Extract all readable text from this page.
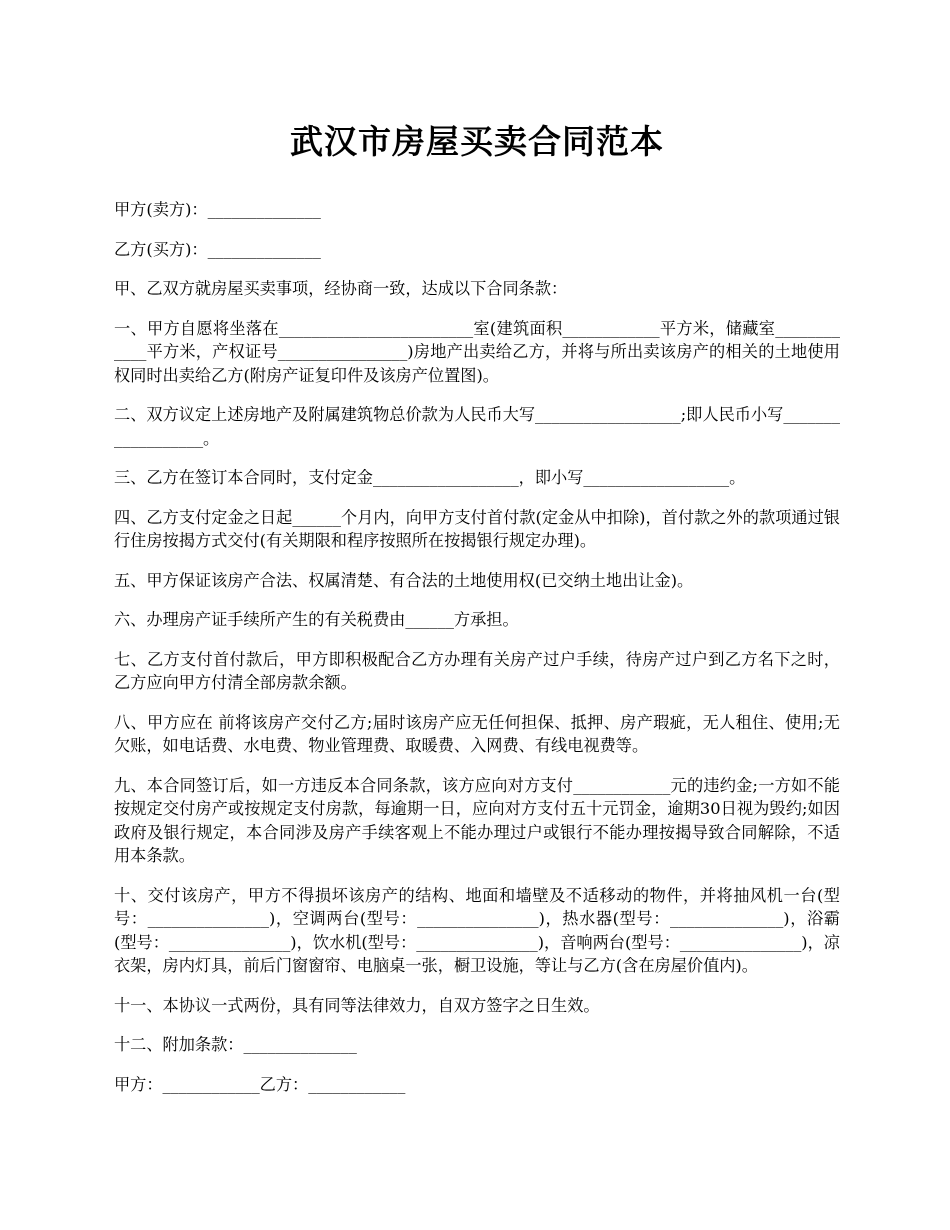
武汉市房屋买卖合同范本

甲方(卖方)：______________

乙方(买方)：______________

甲、乙双方就房屋买卖事项，经协商一致，达成以下合同条款：

一、甲方自愿将坐落在________________________室(建筑面积____________平方米，储藏室____________平方米，产权证号________________)房地产出卖给乙方，并将与所出卖该房产的相关的土地使用权同时出卖给乙方(附房产证复印件及该房产位置图)。

二、双方议定上述房地产及附属建筑物总价款为人民币大写__________________;即人民币小写__________________。

三、乙方在签订本合同时，支付定金__________________，即小写__________________。

四、乙方支付定金之日起______个月内，向甲方支付首付款(定金从中扣除)，首付款之外的款项通过银行住房按揭方式交付(有关期限和程序按照所在按揭银行规定办理)。

五、甲方保证该房产合法、权属清楚、有合法的土地使用权(已交纳土地出让金)。

六、办理房产证手续所产生的有关税费由______方承担。

七、乙方支付首付款后，甲方即积极配合乙方办理有关房产过户手续，待房产过户到乙方名下之时，乙方应向甲方付清全部房款余额。

八、甲方应在 前将该房产交付乙方;届时该房产应无任何担保、抵押、房产瑕疵，无人租住、使用;无欠账，如电话费、水电费、物业管理费、取暖费、入网费、有线电视费等。

九、本合同签订后，如一方违反本合同条款，该方应向对方支付____________元的违约金;一方如不能按规定交付房产或按规定支付房款，每逾期一日，应向对方支付五十元罚金，逾期30日视为毁约;如因政府及银行规定，本合同涉及房产手续客观上不能办理过户或银行不能办理按揭导致合同解除，不适用本条款。

十、交付该房产，甲方不得损坏该房产的结构、地面和墙壁及不适移动的物件，并将抽风机一台(型号：_______________)，空调两台(型号：_______________)，热水器(型号：______________)，浴霸(型号：_______________)，饮水机(型号：_______________)，音响两台(型号：_______________)，凉衣架，房内灯具，前后门窗窗帘、电脑桌一张，橱卫设施，等让与乙方(含在房屋价值内)。

十一、本协议一式两份，具有同等法律效力，自双方签字之日生效。

十二、附加条款：______________

甲方：____________乙方：____________
